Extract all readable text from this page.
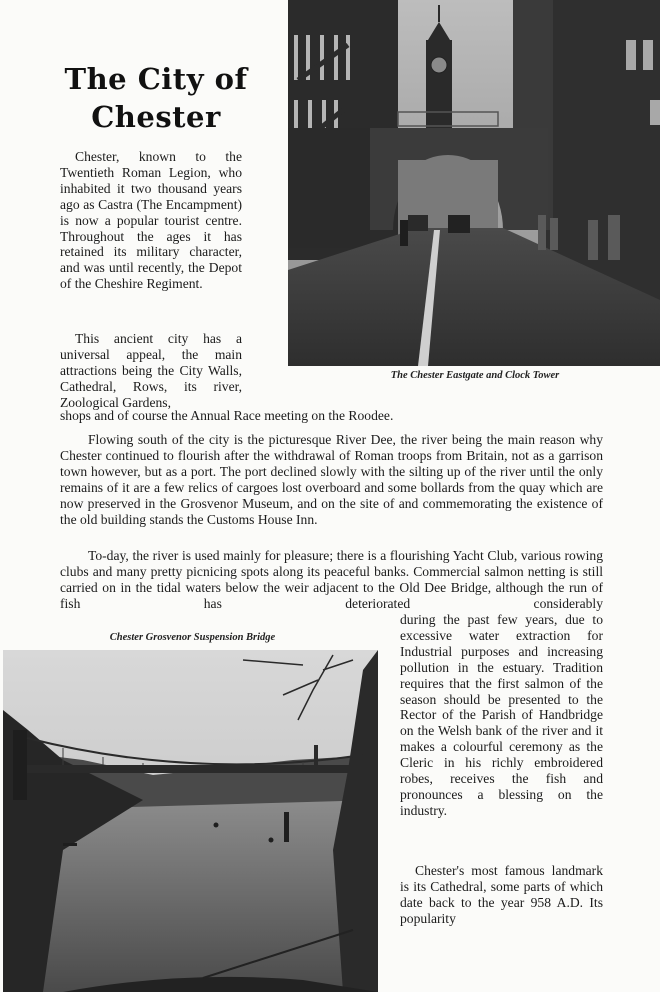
The City of
Chester
The Chester Eastgate and Clock Tower

Chester, known to the Twentieth Roman Legion, who inhabited it two thousand years ago as Castra (The Encampment) is now a popular tourist centre. Throughout the ages it has retained its military character, and was until recently, the Depot of the Cheshire Regiment.

This ancient city has a universal appeal, the main attractions being the City Walls, Cathedral, Rows, its river, Zoological Gardens,

shops and of course the Annual Race meeting on the Roodee.

Flowing south of the city is the picturesque River Dee, the river being the main reason why Chester continued to flourish after the withdrawal of Roman troops from Britain, not as a garrison town however, but as a port. The port declined slowly with the silting up of the river until the only remains of it are a few relics of cargoes lost overboard and some bollards from the quay which are now preserved in the Grosvenor Museum, and on the site of and commemorating the existence of the old building stands the Customs House Inn.

To-day, the river is used mainly for pleasure; there is a flourishing Yacht Club, various rowing clubs and many pretty picnicing spots along its peaceful banks. Commercial salmon netting is still carried on in the tidal waters below the weir adjacent to the Old Dee Bridge, although the run of fish has deteriorated considerably

Chester Grosvenor Suspension Bridge

during the past few years, due to excessive water extraction for Industrial purposes and increasing pollution in the estuary. Tradition requires that the first salmon of the season should be presented to the Rector of the Parish of Handbridge on the Welsh bank of the river and it makes a colourful ceremony as the Cleric in his richly embroidered robes, receives the fish and pronounces a blessing on the industry.

Chester's most famous landmark is its Cathedral, some parts of which date back to the year 958 A.D. Its popularity
